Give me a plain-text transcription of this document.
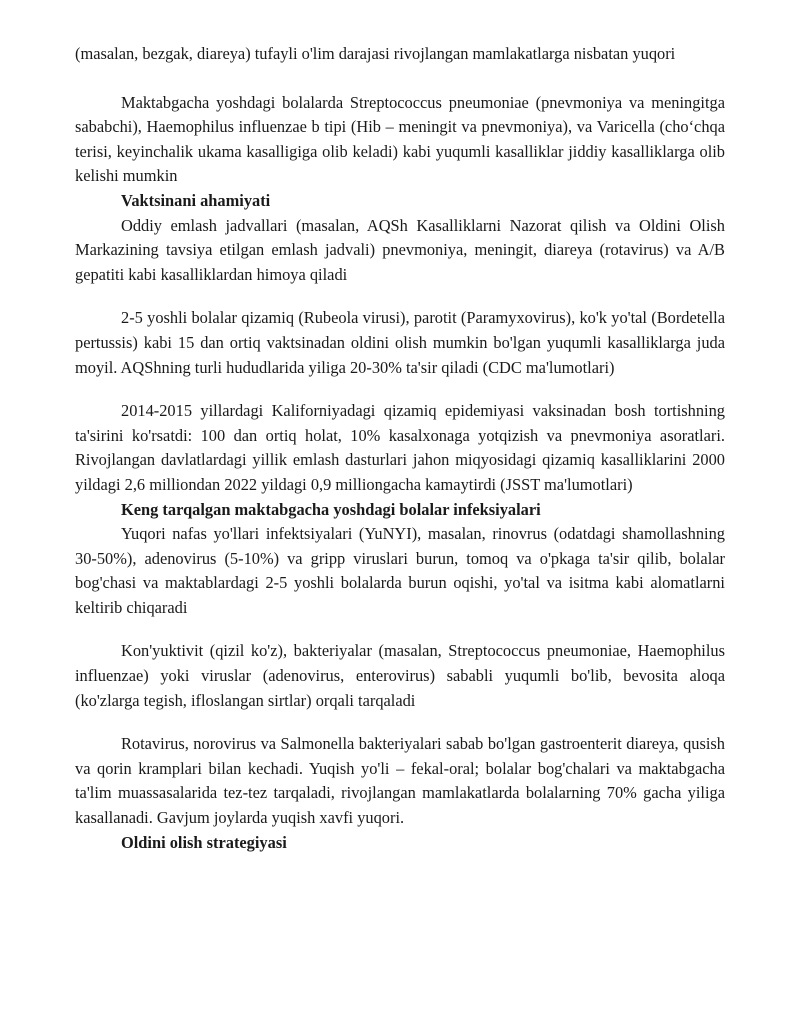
(masalan, bezgak, diareya) tufayli o'lim darajasi rivojlangan mamlakatlarga nisbatan yuqori

Maktabgacha yoshdagi bolalarda Streptococcus pneumoniae (pnevmoniya va meningitga sababchi), Haemophilus influenzae b tipi (Hib – meningit va pnevmoniya), va Varicella (cho‘chqa terisi, keyinchalik ukama kasalligiga olib keladi) kabi yuqumli kasalliklar jiddiy kasalliklarga olib kelishi mumkin

Vaktsinani ahamiyati

Oddiy emlash jadvallari (masalan, AQSh Kasalliklarni Nazorat qilish va Oldini Olish Markazining tavsiya etilgan emlash jadvali) pnevmoniya, meningit, diareya (rotavirus) va A/B gepatiti kabi kasalliklardan himoya qiladi

2-5 yoshli bolalar qizamiq (Rubeola virusi), parotit (Paramyxovirus), ko'k yo'tal (Bordetella pertussis) kabi 15 dan ortiq vaktsinadan oldini olish mumkin bo'lgan yuqumli kasalliklarga juda moyil. AQShning turli hududlarida yiliga 20-30% ta'sir qiladi (CDC ma'lumotlari)

2014-2015 yillardagi Kaliforniyadagi qizamiq epidemiyasi vaksinadan bosh tortishning ta'sirini ko'rsatdi: 100 dan ortiq holat, 10% kasalxonaga yotqizish va pnevmoniya asoratlari. Rivojlangan davlatlardagi yillik emlash dasturlari jahon miqyosidagi qizamiq kasalliklarini 2000 yildagi 2,6 milliondan 2022 yildagi 0,9 milliongacha kamaytirdi (JSST ma'lumotlari)

Keng tarqalgan maktabgacha yoshdagi bolalar infeksiyalari

Yuqori nafas yo'llari infektsiyalari (YuNYI), masalan, rinovrus (odatdagi shamollashning 30-50%), adenovirus (5-10%) va gripp viruslari burun, tomoq va o'pkaga ta'sir qilib, bolalar bog'chasi va maktablardagi 2-5 yoshli bolalarda burun oqishi, yo'tal va isitma kabi alomatlarni keltirib chiqaradi

Kon'yuktivit (qizil ko'z), bakteriyalar (masalan, Streptococcus pneumoniae, Haemophilus influenzae) yoki viruslar (adenovirus, enterovirus) sababli yuqumli bo'lib, bevosita aloqa (ko'zlarga tegish, ifloslangan sirtlar) orqali tarqaladi

Rotavirus, norovirus va Salmonella bakteriyalari sabab bo'lgan gastroenterit diareya, qusish va qorin kramplari bilan kechadi. Yuqish yo'li – fekal-oral; bolalar bog'chalari va maktabgacha ta'lim muassasalarida tez-tez tarqaladi, rivojlangan mamlakatlarda bolalarning 70% gacha yiliga kasallanadi. Gavjum joylarda yuqish xavfi yuqori.

Oldini olish strategiyasi
